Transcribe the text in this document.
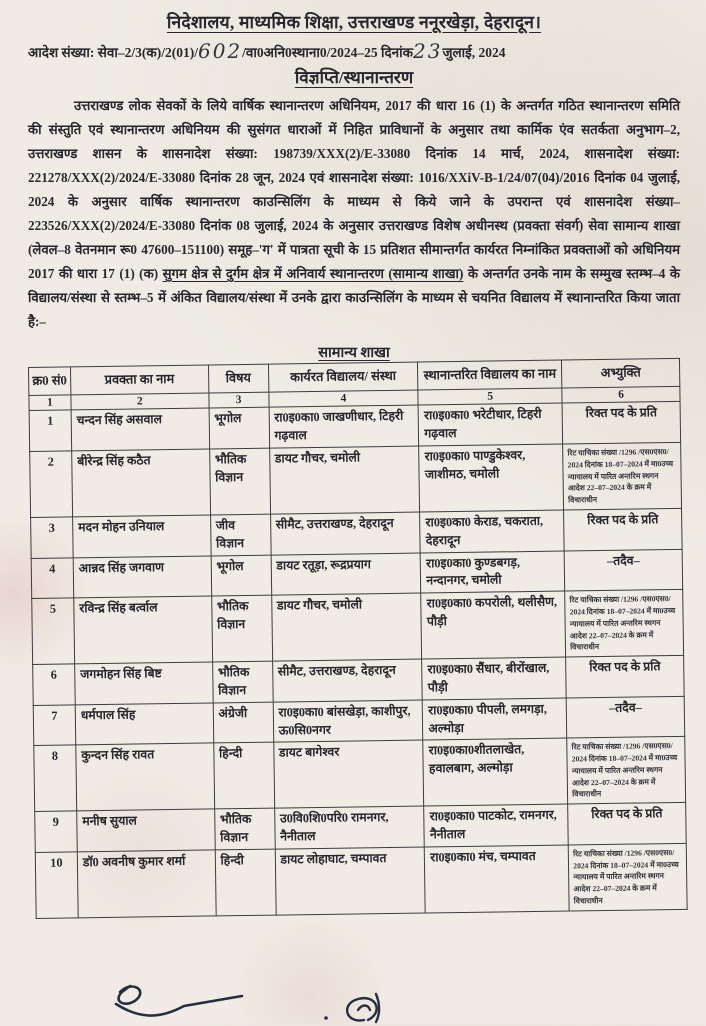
निदेशालय, माध्यमिक शिक्षा, उत्तराखण्ड ननूरखेड़ा, देहरादून।
आदेश संख्या: सेवा–2/3(क)/2(01)/602/वा0अनि0स्थाना0/2024–25 दिनांक23जुलाई, 2024
विज्ञप्ति/स्थानान्तरण

उत्तराखण्ड लोक सेवकों के लिये वार्षिक स्थानान्तरण अधिनियम, 2017 की धारा 16 (1) के अन्तर्गत गठित स्थानान्तरण समिति की संस्तुति एवं स्थानान्तरण अधिनियम की सुसंगत धाराओं में निहित प्राविधानों के अनुसार तथा कार्मिक एंव सतर्कता अनुभाग–2, उत्तराखण्ड शासन के शासनादेश संख्या: 198739/XXX(2)/E-33080 दिनांक 14 मार्च, 2024, शासनादेश संख्या: 221278/XXX(2)/2024/E-33080 दिनांक 28 जून, 2024 एवं शासनादेश संख्या: 1016/XXiV-B-1/24/07(04)/2016 दिनांक 04 जुलाई, 2024 के अनुसार वार्षिक स्थानान्तरण काउन्सिलिंग के माध्यम से किये जाने के उपरान्त एवं शासनादेश संख्या– 223526/XXX(2)/2024/E-33080 दिनांक 08 जुलाई, 2024 के अनुसार उत्तराखण्ड विशेष अधीनस्थ (प्रवक्ता संवर्ग) सेवा सामान्य शाखा (लेवल–8 वेतनमान रू0 47600–151100) समूह–'ग' में पात्रता सूची के 15 प्रतिशत सीमान्तर्गत कार्यरत निम्नांकित प्रवक्ताओं को अधिनियम 2017 की धारा 17 (1) (क) सुगम क्षेत्र से दुर्गम क्षेत्र में अनिवार्य स्थानान्तरण (सामान्य शाखा) के अन्तर्गत उनके नाम के सम्मुख स्तम्भ–4 के विद्यालय/संस्था से स्तम्भ–5 में अंकित विद्यालय/संस्था में उनके द्वारा काउन्सिलिंग के माध्यम से चयनित विद्यालय में स्थानान्तरित किया जाता है:–

सामान्य शाखा
क्र0 सं0	प्रवक्ता का नाम	विषय	कार्यरत विद्यालय/ संस्था	स्थानान्तरित विद्यालय का नाम	अभ्युक्ति
1	2	3	4	5	6
1	चन्दन सिंह असवाल	भूगोल	रा0इ0का0 जाखणीधार, टिहरी गढ़वाल	रा0इ0का0 भरेटीधार, टिहरी गढ़वाल	रिक्त पद के प्रति
2	बीरेन्द्र सिंह कठैत	भौतिक विज्ञान	डायट गौचर, चमोली	रा0इ0का0 पाण्डुकेश्वर, जाशीमठ, चमोली	रिट याचिका संख्या /1296 /एस0एस0/ 2024 दिनांक 18–07–2024 में मा0उच्च न्यायालय में पारित अन्तरिम स्थगन आदेश 22–07–2024 के क्रम में विचाराधीन
3	मदन मोहन उनियाल	जीव विज्ञान	सीमैट, उत्तराखण्ड, देहरादून	रा0इ0का0 केराड, चकराता, देहरादून	रिक्त पद के प्रति
4	आन्नद सिंह जगवाण	भूगोल	डायट रतूड़ा, रूद्रप्रयाग	रा0इ0का0 कुण्डबगड़, नन्दानगर, चमोली	–तदैव–
5	रविन्द्र सिंह बर्त्वाल	भौतिक विज्ञान	डायट गौचर, चमोली	रा0इ0का0 कपरोली, थलीसैण, पौड़ी	रिट याचिका संख्या /1296 /एस0एस0/ 2024 दिनांक 18–07–2024 में मा0उच्च न्यायालय में पारित अन्तरिम स्थगन आदेश 22–07–2024 के क्रम में विचाराधीन
6	जगमोहन सिंह बिष्ट	भौतिक विज्ञान	सीमैट, उत्तराखण्ड, देहरादून	रा0इ0का0 सैंधार, बीरोंखाल, पौड़ी	रिक्त पद के प्रति
7	धर्मपाल सिंह	अंग्रेजी	रा0इ0का0 बांसखेड़ा, काशीपुर, ऊ0सि0नगर	रा0इ0का0 पीपली, लमगड़ा, अल्मोड़ा	–तदैव–
8	कुन्दन सिंह रावत	हिन्दी	डायट बागेश्वर	रा0इ0का0शीतलाखेत, हवालबाग, अल्मोड़ा	रिट याचिका संख्या /1296 /एस0एस0/ 2024 दिनांक 18–07–2024 में मा0उच्च न्यायालय में पारित अन्तरिम स्थगन आदेश 22–07–2024 के क्रम में विचाराधीन
9	मनीष सुयाल	भौतिक विज्ञान	उ0वि0शि0परि0 रामनगर, नैनीताल	रा0इ0का0 पाटकोट, रामनगर, नैनीताल	रिक्त पद के प्रति
10	डॉ0 अवनीष कुमार शर्मा	हिन्दी	डायट लोहाघाट, चम्पावत	रा0इ0का0 मंच, चम्पावत	रिट याचिका संख्या /1296 /एस0एस0/ 2024 दिनांक 18–07–2024 में मा0उच्च न्यायालय में पारित अन्तरिम स्थगन आदेश 22–07–2024 के क्रम में विचाराधीन
